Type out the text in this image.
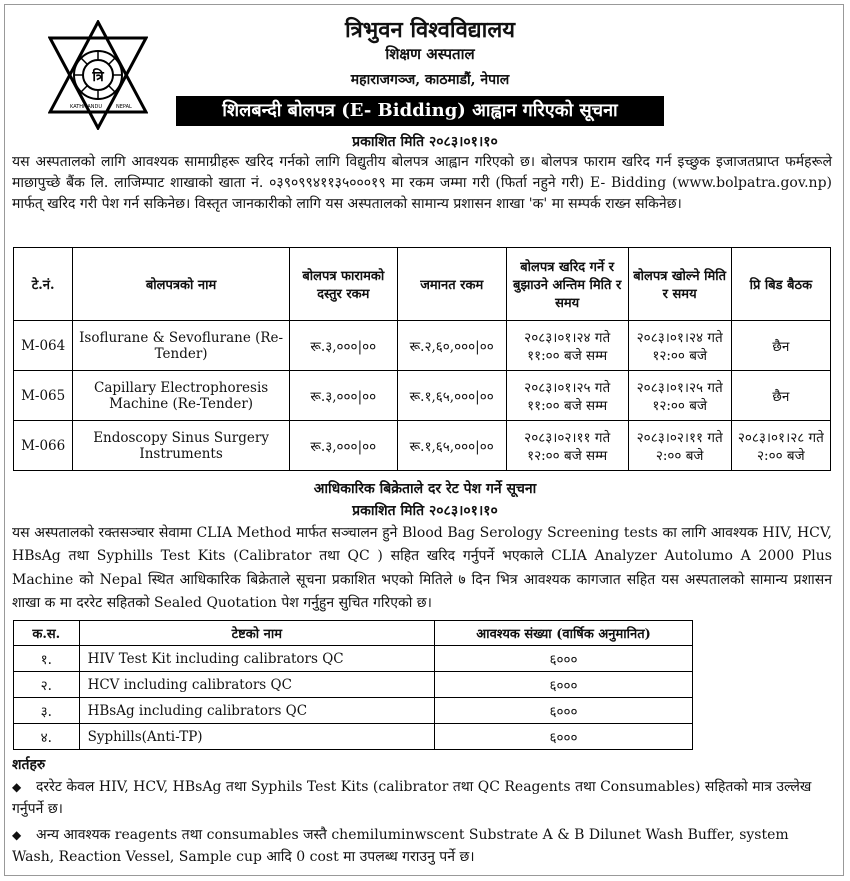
त्रि
KATHMANDU	NEPAL
त्रिभुवन विश्वविद्यालय
शिक्षण अस्पताल
महाराजगञ्ज, काठमाडौं, नेपाल
शिलबन्दी बोलपत्र (E- Bidding) आह्वान गरिएको सूचना
प्रकाशित मिति २०८३।०१।१०
यस अस्पतालको लागि आवश्यक सामाग्रीहरू खरिद गर्नको लागि विद्युतीय बोलपत्र आह्वान गरिएको छ। बोलपत्र फाराम खरिद गर्न इच्छुक इजाजतप्राप्त फर्महरूले माछापुच्छे बैंक लि. लाजिम्पाट शाखाको खाता नं. ०३९०९९४११३५०००१९ मा रकम जम्मा गरी (फिर्ता नहुने गरी) E- Bidding (www.bolpatra.gov.np) मार्फत् खरिद गरी पेश गर्न सकिनेछ। विस्तृत जानकारीको लागि यस अस्पतालको सामान्य प्रशासन शाखा 'क' मा सम्पर्क राख्न सकिनेछ।
टे.नं.	बोलपत्रको नाम	बोलपत्र फारामको दस्तुर रकम	जमानत रकम	बोलपत्र खरिद गर्ने र बुझाउने अन्तिम मिति र समय	बोलपत्र खोल्ने मिति र समय	प्रि बिड बैठक
M-064	Isoflurane & Sevoflurane (Re-Tender)	रू.३,०००|००	रू.२,६०,०००|००	२०८३।०१।२४ गते ११:०० बजे सम्म	२०८३।०१।२४ गते १२:०० बजे	छैन
M-065	Capillary Electrophoresis Machine (Re-Tender)	रू.३,०००|००	रू.१,६५,०००|००	२०८३।०१।२५ गते ११:०० बजे सम्म	२०८३।०१।२५ गते १२:०० बजे	छैन
M-066	Endoscopy Sinus Surgery Instruments	रू.३,०००|००	रू.१,६५,०००|००	२०८३।०२।११ गते १२:०० बजे सम्म	२०८३।०२।११ गते २:०० बजे	२०८३।०१।२८ गते २:०० बजे
आधिकारिक बिक्रेताले दर रेट पेश गर्ने सूचना
प्रकाशित मिति २०८३।०१।१०
यस अस्पतालको रक्तसञ्चार सेवामा CLIA Method मार्फत सञ्चालन हुने Blood Bag Serology Screening tests का लागि आवश्यक HIV, HCV, HBsAg तथा Syphills Test Kits (Calibrator तथा QC ) सहित खरिद गर्नुपर्ने भएकाले CLIA Analyzer Autolumo A 2000 Plus Machine को Nepal स्थित आधिकारिक बिक्रेताले सूचना प्रकाशित भएको मितिले ७ दिन भित्र आवश्यक कागजात सहित यस अस्पतालको सामान्य प्रशासन शाखा क मा दररेट सहितको Sealed Quotation पेश गर्नुहुन सुचित गरिएको छ।
क.स.	टेष्टको नाम	आवश्यक संख्या (वार्षिक अनुमानित)
१.	HIV Test Kit including calibrators QC	६०००
२.	HCV including calibrators QC	६०००
३.	HBsAg including calibrators QC	६०००
४.	Syphills(Anti-TP)	६०००
शर्तहरु
◆ दररेट केवल HIV, HCV, HBsAg तथा Syphils Test Kits (calibrator तथा QC Reagents तथा Consumables) सहितको मात्र उल्लेख गर्नुपर्ने छ।
◆ अन्य आवश्यक reagents तथा consumables जस्तै chemiluminwscent Substrate A & B Dilunet Wash Buffer, system Wash, Reaction Vessel, Sample cup आदि 0 cost मा उपलब्ध गराउनु पर्ने छ।
